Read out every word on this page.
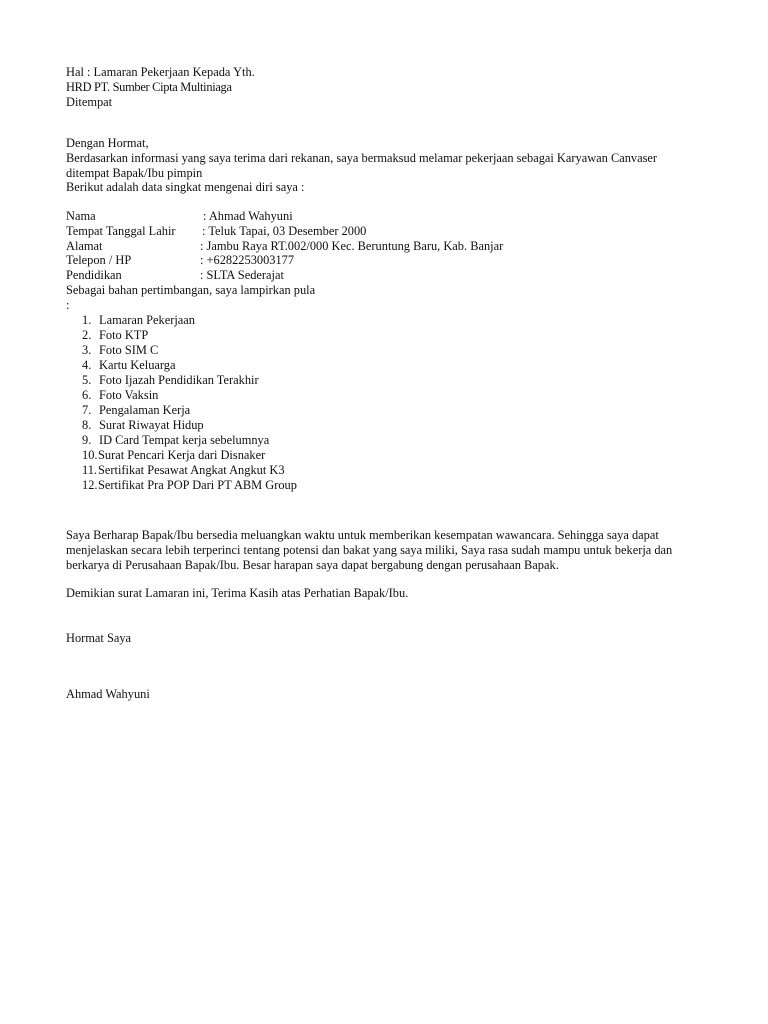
Hal : Lamaran Pekerjaan Kepada Yth.
HRD PT. Sumber Cipta Multiniaga
Ditempat
Dengan Hormat,
Berdasarkan informasi yang saya terima dari rekanan, saya bermaksud melamar pekerjaan sebagai Karyawan Canvaser
ditempat Bapak/Ibu pimpin
Berikut adalah data singkat mengenai diri saya :
Nama	: Ahmad Wahyuni
Tempat Tanggal Lahir : Teluk Tapai, 03 Desember 2000
Alamat	: Jambu Raya RT.002/000 Kec. Beruntung Baru, Kab. Banjar
Telepon / HP	: +6282253003177
Pendidikan	: SLTA Sederajat
Sebagai bahan pertimbangan, saya lampirkan pula
:
1. Lamaran Pekerjaan
2. Foto KTP
3. Foto SIM C
4. Kartu Keluarga
5. Foto Ijazah Pendidikan Terakhir
6. Foto Vaksin
7. Pengalaman Kerja
8. Surat Riwayat Hidup
9. ID Card Tempat kerja sebelumnya
10. Surat Pencari Kerja dari Disnaker
11. Sertifikat Pesawat Angkat Angkut K3
12. Sertifikat Pra POP Dari PT ABM Group
Saya Berharap Bapak/Ibu bersedia meluangkan waktu untuk memberikan kesempatan wawancara. Sehingga saya dapat
menjelaskan secara lebih terperinci tentang potensi dan bakat yang saya miliki, Saya rasa sudah mampu untuk bekerja dan
berkarya di Perusahaan Bapak/Ibu. Besar harapan saya dapat bergabung dengan perusahaan Bapak.
Demikian surat Lamaran ini, Terima Kasih atas Perhatian Bapak/Ibu.
Hormat Saya
Ahmad Wahyuni
